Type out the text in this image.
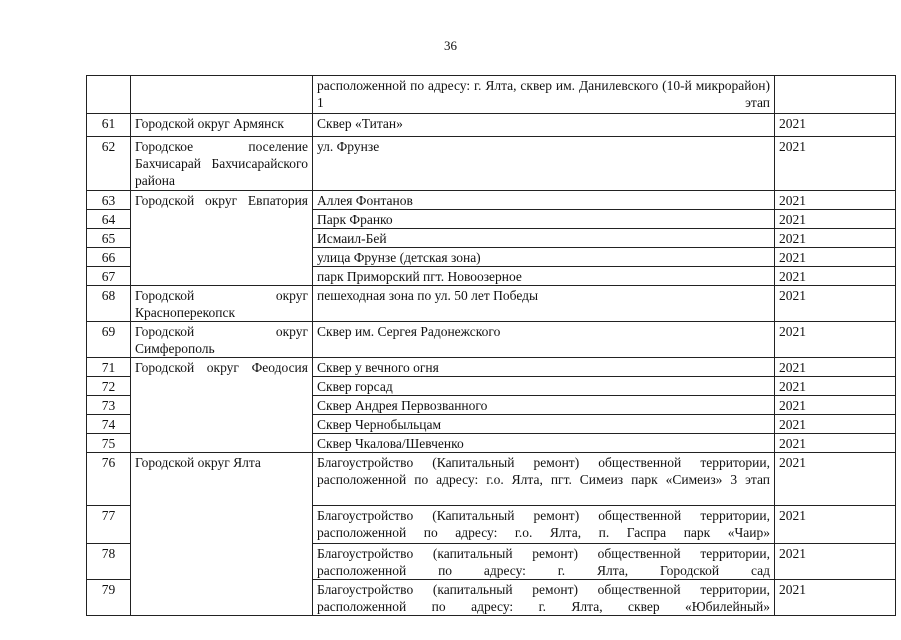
36
		расположенной по адресу: г. Ялта, сквер им. Данилевского (10-й микрорайон) 1 этап	
61	Городской округ Армянск	Сквер «Титан»	2021
62	Городское поселение Бахчисарай Бахчисарайского района	ул. Фрунзе	2021
63	Городской округ Евпатория	Аллея Фонтанов	2021
64		Парк Франко	2021
65		Исмаил-Бей	2021
66		улица Фрунзе (детская зона)	2021
67		парк Приморский пгт. Новоозерное	2021
68	Городской округ Красноперекопск	пешеходная зона по ул. 50 лет Победы	2021
69	Городской округ Симферополь	Сквер им. Сергея Радонежского	2021
71	Городской округ Феодосия	Сквер у вечного огня	2021
72		Сквер горсад	2021
73		Сквер Андрея Первозванного	2021
74		Сквер Чернобыльцам	2021
75		Сквер Чкалова/Шевченко	2021
76	Городской округ Ялта	Благоустройство (Капитальный ремонт) общественной территории, расположенной по адресу: г.о. Ялта, пгт. Симеиз парк «Симеиз» 3 этап	2021
77		Благоустройство (Капитальный ремонт) общественной территории, расположенной по адресу: г.о. Ялта, п. Гаспра парк «Чаир»	2021
78		Благоустройство (капитальный ремонт) общественной территории, расположенной по адресу: г. Ялта, Городской сад	2021
79		Благоустройство (капитальный ремонт) общественной территории, расположенной по адресу: г. Ялта, сквер «Юбилейный»	2021
